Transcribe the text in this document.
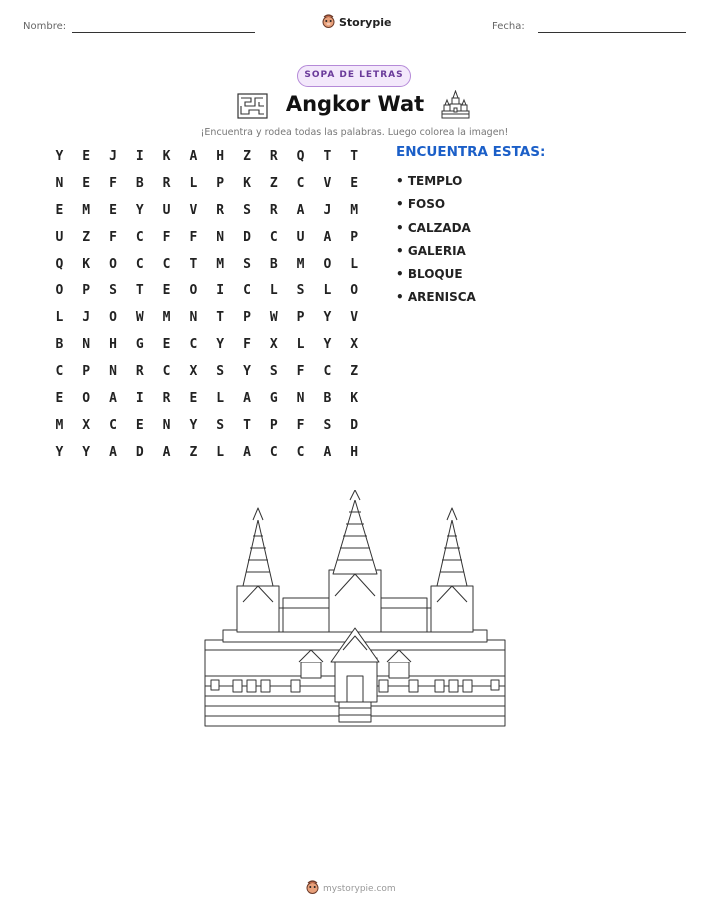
Nombre:	Storypie	Fecha:
SOPA DE LETRAS
Angkor Wat
¡Encuentra y rodea todas las palabras. Luego colorea la imagen!
Y	E	J	I	K	A	H	Z	R	Q	T	T
N	E	F	B	R	L	P	K	Z	C	V	E
E	M	E	Y	U	V	R	S	R	A	J	M
U	Z	F	C	F	F	N	D	C	U	A	P
Q	K	O	C	C	T	M	S	B	M	O	L
O	P	S	T	E	O	I	C	L	S	L	O
L	J	O	W	M	N	T	P	W	P	Y	V
B	N	H	G	E	C	Y	F	X	L	Y	X
C	P	N	R	C	X	S	Y	S	F	C	Z
E	O	A	I	R	E	L	A	G	N	B	K
M	X	C	E	N	Y	S	T	P	F	S	D
Y	Y	A	D	A	Z	L	A	C	C	A	H
ENCUENTRA ESTAS:
• TEMPLO
• FOSO
• CALZADA
• GALERIA
• BLOQUE
• ARENISCA
mystorypie.com
